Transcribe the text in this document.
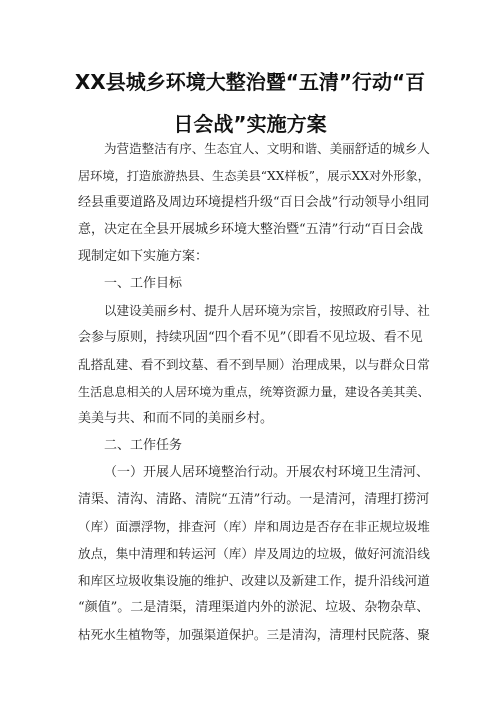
XX县城乡环境大整治暨“五清”行动“百
日会战”实施方案
为营造整洁有序、生态宜人、文明和谐、美丽舒适的城乡人
居环境，打造旅游热县、生态美县“XX样板”，展示XX对外形象，
经县重要道路及周边环境提档升级“百日会战”行动领导小组同
意，决定在全县开展城乡环境大整治暨“五清”行动“百日会战
现制定如下实施方案：
一、工作目标
以建设美丽乡村、提升人居环境为宗旨，按照政府引导、社
会参与原则，持续巩固“四个看不见”（即看不见垃圾、看不见
乱搭乱建、看不到坟墓、看不到旱厕）治理成果，以与群众日常
生活息息相关的人居环境为重点，统筹资源力量，建设各美其美、
美美与共、和而不同的美丽乡村。
二、工作任务
（一）开展人居环境整治行动。开展农村环境卫生清河、
清渠、清沟、清路、清院“五清”行动。一是清河，清理打捞河
（库）面漂浮物，排查河（库）岸和周边是否存在非正规垃圾堆
放点，集中清理和转运河（库）岸及周边的垃圾，做好河流沿线
和库区垃圾收集设施的维护、改建以及新建工作，提升沿线河道
“颜值”。二是清渠，清理渠道内外的淤泥、垃圾、杂物杂草、
枯死水生植物等，加强渠道保护。三是清沟，清理村民院落、聚
